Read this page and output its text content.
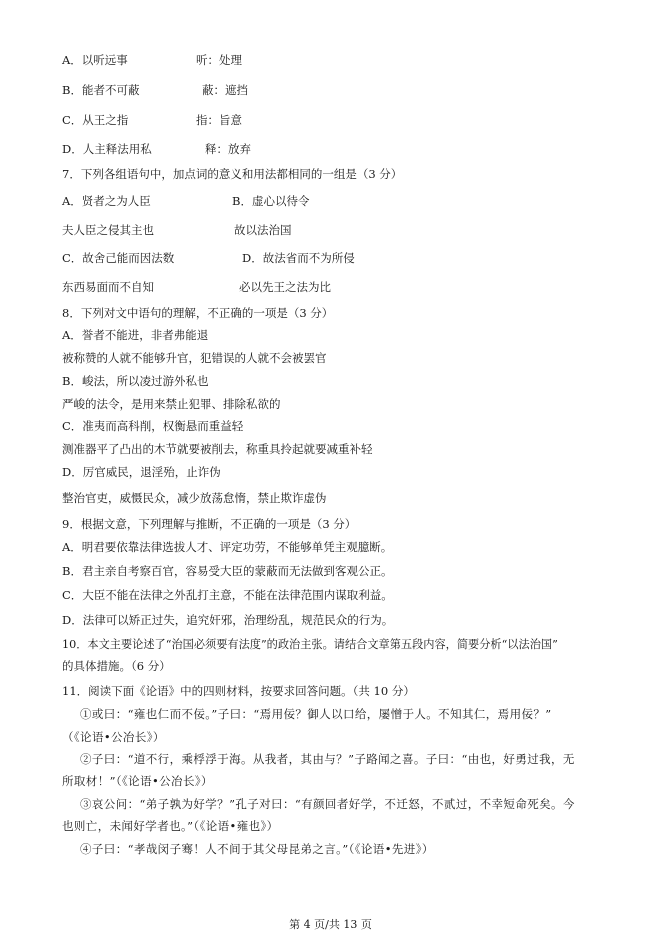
A．以听远事	听：处理
B．能者不可蔽	蔽：遮挡
C．从王之指	指：旨意
D．人主释法用私	释：放弃
7．下列各组语句中，加点词的意义和用法都相同的一组是（3 分）
A．贤者之为人臣	B．虚心以待令
夫人臣之侵其主也	故以法治国
C．故舍己能而因法数	D．故法省而不为所侵
东西易面而不自知	必以先王之法为比
8．下列对文中语句的理解，不正确的一项是（3 分）
A．誉者不能进，非者弗能退
被称赞的人就不能够升官，犯错误的人就不会被罢官
B．峻法，所以凌过游外私也
严峻的法令，是用来禁止犯罪、排除私欲的
C．准夷而高科削，权衡悬而重益轻
测准器平了凸出的木节就要被削去，称重具拎起就要减重补轻
D．厉官威民，退淫殆，止诈伪
整治官吏，威慑民众，减少放荡怠惰，禁止欺诈虚伪
9．根据文意，下列理解与推断，不正确的一项是（3 分）
A．明君要依靠法律选拔人才、评定功劳，不能够单凭主观臆断。
B．君主亲自考察百官，容易受大臣的蒙蔽而无法做到客观公正。
C．大臣不能在法律之外乱打主意，不能在法律范围内谋取利益。
D．法律可以矫正过失，追究奸邪，治理纷乱，规范民众的行为。
10．本文主要论述了“治国必须要有法度”的政治主张。请结合文章第五段内容，简要分析“以法治国”
的具体措施。（6 分）
11．阅读下面《论语》中的四则材料，按要求回答问题。（共 10 分）
①或曰：“雍也仁而不佞。”子曰：“焉用佞？御人以口给，屡憎于人。不知其仁，焉用佞？”
（《论语•公冶长》）
②子曰：“道不行，乘桴浮于海。从我者，其由与？”子路闻之喜。子曰：“由也，好勇过我，无
所取材！”（《论语•公冶长》）
③哀公问：“弟子孰为好学？”孔子对曰：“有颜回者好学，不迁怒，不贰过，不幸短命死矣。今
也则亡，未闻好学者也。”（《论语•雍也》）
④子曰：“孝哉闵子骞！人不间于其父母昆弟之言。”（《论语•先进》）
第 4 页/共 13 页
